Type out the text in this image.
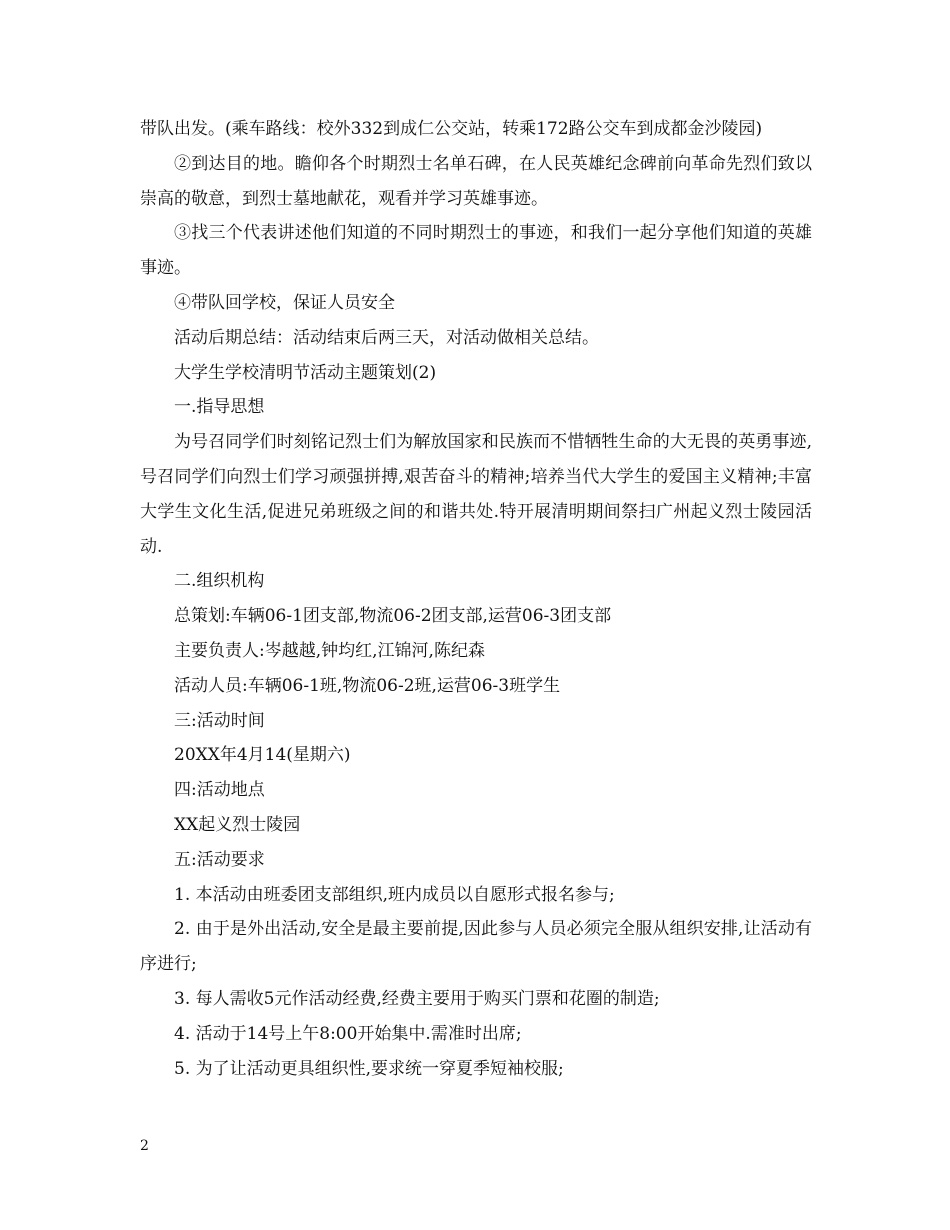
带队出发。(乘车路线：校外332到成仁公交站，转乘172路公交车到成都金沙陵园)

②到达目的地。瞻仰各个时期烈士名单石碑，在人民英雄纪念碑前向革命先烈们致以崇高的敬意，到烈士墓地献花，观看并学习英雄事迹。

③找三个代表讲述他们知道的不同时期烈士的事迹，和我们一起分享他们知道的英雄事迹。

④带队回学校，保证人员安全

活动后期总结：活动结束后两三天，对活动做相关总结。

大学生学校清明节活动主题策划(2)

一.指导思想

为号召同学们时刻铭记烈士们为解放国家和民族而不惜牺牲生命的大无畏的英勇事迹,号召同学们向烈士们学习顽强拼搏,艰苦奋斗的精神;培养当代大学生的爱国主义精神;丰富大学生文化生活,促进兄弟班级之间的和谐共处.特开展清明期间祭扫广州起义烈士陵园活动.

二.组织机构

总策划:车辆06-1团支部,物流06-2团支部,运营06-3团支部

主要负责人:岑越越,钟均红,江锦河,陈纪森

活动人员:车辆06-1班,物流06-2班,运营06-3班学生

三:活动时间

20XX年4月14(星期六)

四:活动地点

XX起义烈士陵园

五:活动要求

1. 本活动由班委团支部组织,班内成员以自愿形式报名参与;

2. 由于是外出活动,安全是最主要前提,因此参与人员必须完全服从组织安排,让活动有序进行;

3. 每人需收5元作活动经费,经费主要用于购买门票和花圈的制造;

4. 活动于14号上午8:00开始集中.需准时出席;

5. 为了让活动更具组织性,要求统一穿夏季短袖校服;

2
